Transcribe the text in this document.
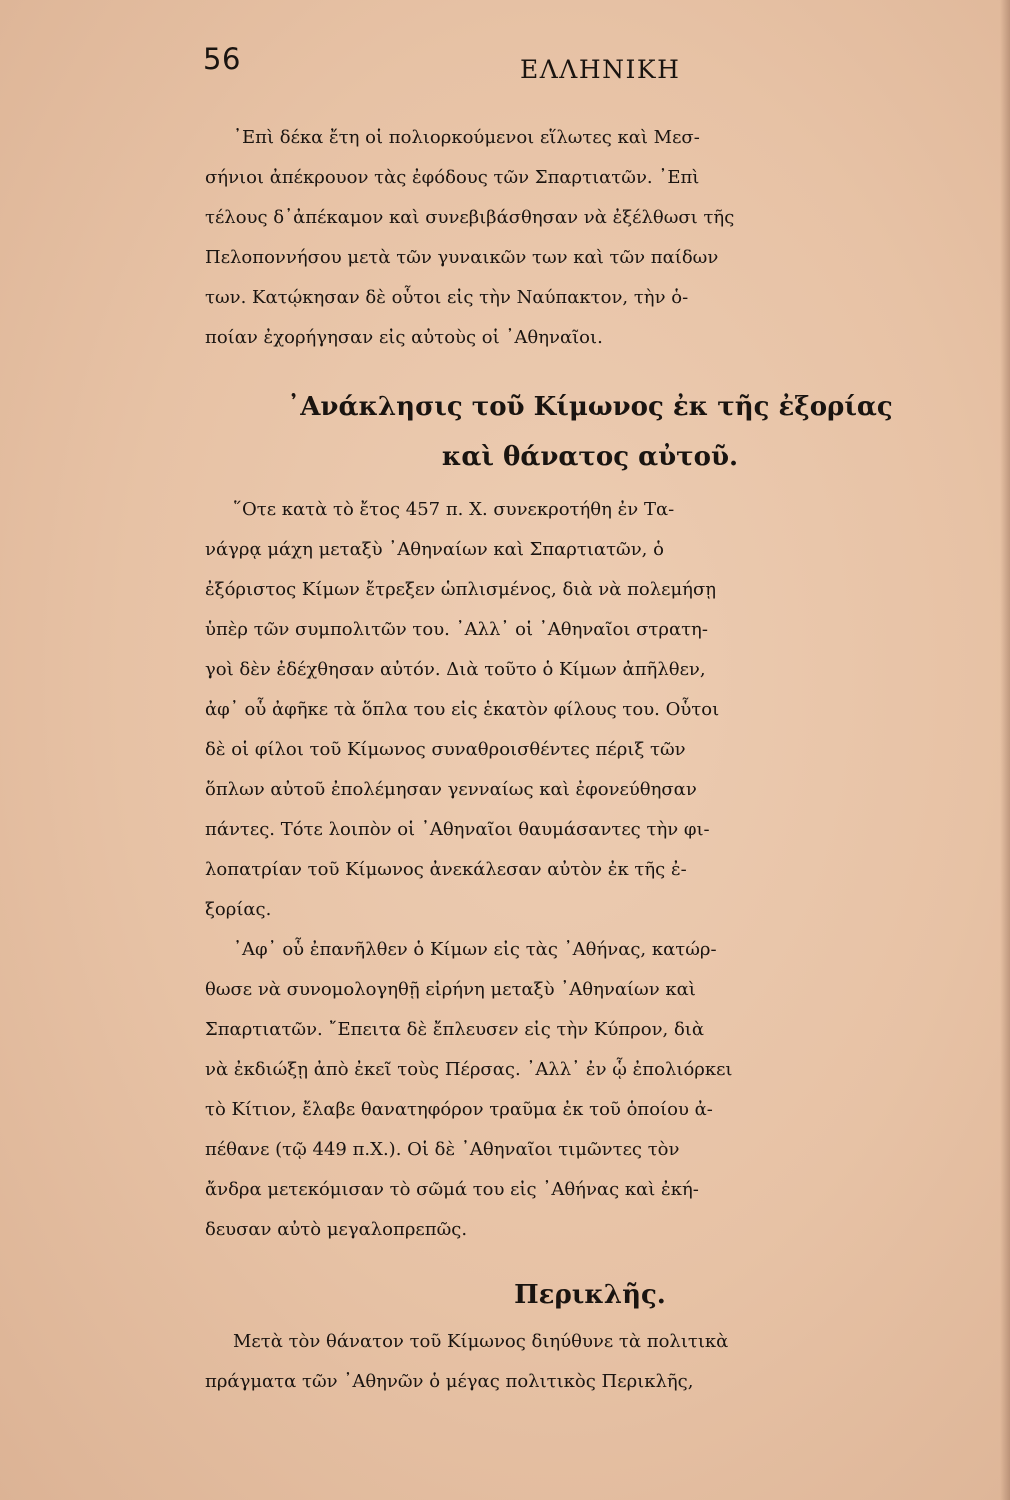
56	ΕΛΛΗΝΙΚΗ
᾿Επὶ δέκα ἔτη οἱ πολιορκούμενοι εἵλωτες καὶ Μεσ-
σήνιοι ἀπέκρουον τὰς ἐφόδους τῶν Σπαρτιατῶν. ᾿Επὶ
τέλους δ᾿ἀπέκαμον καὶ συνεβιβάσθησαν νὰ ἐξέλθωσι τῆς
Πελοποννήσου μετὰ τῶν γυναικῶν των καὶ τῶν παίδων
των. Κατῴκησαν δὲ οὗτοι εἰς τὴν Ναύπακτον, τὴν ὁ-
ποίαν ἐχορήγησαν εἰς αὐτοὺς οἱ ᾿Αθηναῖοι.
᾿Ανάκλησις τοῦ Κίμωνος ἐκ τῆς ἐξορίας
καὶ θάνατος αὐτοῦ.
῞Οτε κατὰ τὸ ἔτος 457 π. Χ. συνεκροτήθη ἐν Τα-
νάγρᾳ μάχη μεταξὺ ᾿Αθηναίων καὶ Σπαρτιατῶν, ὁ
ἐξόριστος Κίμων ἔτρεξεν ὡπλισμένος, διὰ νὰ πολεμήσῃ
ὑπὲρ τῶν συμπολιτῶν του. ᾿Αλλ᾿ οἱ ᾿Αθηναῖοι στρατη-
γοὶ δὲν ἐδέχθησαν αὐτόν. Διὰ τοῦτο ὁ Κίμων ἀπῆλθεν,
ἀφ᾿ οὗ ἀφῆκε τὰ ὅπλα του εἰς ἑκατὸν φίλους του. Οὗτοι
δὲ οἱ φίλοι τοῦ Κίμωνος συναθροισθέντες πέριξ τῶν
ὅπλων αὐτοῦ ἐπολέμησαν γενναίως καὶ ἐφονεύθησαν
πάντες. Τότε λοιπὸν οἱ ᾿Αθηναῖοι θαυμάσαντες τὴν φι-
λοπατρίαν τοῦ Κίμωνος ἀνεκάλεσαν αὐτὸν ἐκ τῆς ἐ-
ξορίας.
᾿Αφ᾿ οὗ ἐπανῆλθεν ὁ Κίμων εἰς τὰς ᾿Αθήνας, κατώρ-
θωσε νὰ συνομολογηθῇ εἰρήνη μεταξὺ ᾿Αθηναίων καὶ
Σπαρτιατῶν. ῎Επειτα δὲ ἔπλευσεν εἰς τὴν Κύπρον, διὰ
νὰ ἐκδιώξῃ ἀπὸ ἐκεῖ τοὺς Πέρσας. ᾿Αλλ᾿ ἐν ᾧ ἐπολιόρκει
τὸ Κίτιον, ἔλαβε θανατηφόρον τραῦμα ἐκ τοῦ ὁποίου ἀ-
πέθανε (τῷ 449 π.Χ.). Οἱ δὲ ᾿Αθηναῖοι τιμῶντες τὸν
ἄνδρα μετεκόμισαν τὸ σῶμά του εἰς ᾿Αθήνας καὶ ἐκή-
δευσαν αὐτὸ μεγαλοπρεπῶς.
Περικλῆς.
Μετὰ τὸν θάνατον τοῦ Κίμωνος διηύθυνε τὰ πολιτικὰ
πράγματα τῶν ᾿Αθηνῶν ὁ μέγας πολιτικὸς Περικλῆς,
